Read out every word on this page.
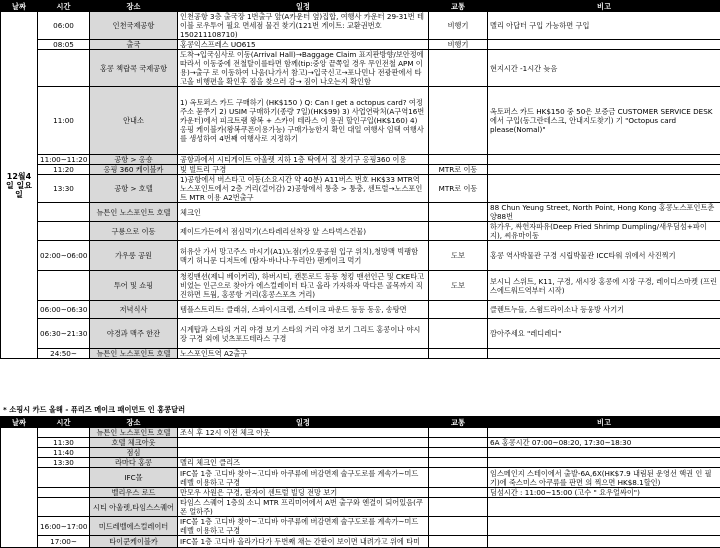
날짜	시간	장소	일정	교통	비고
12월4일 일요일	06:00	인천국제공항	인천공항 3층 출국장 1번출구 앞(A카운터 옆)집합, 여행사 카운터 29-31번 테이블 로우투어 필요 면세점 물건 찾기(121번 게이트: 교환권번호 150211108710)	비행기	멜리 아답터 구입 가능하면 구입
	08:05	출국	홍콩익스프레스 UO615	비행기	
		홍콩 첵랍콕 국제공항	도착→입국심사로 이동(Arrival Hall)→Baggage Claim 표지판방향/보안정에 따라서 이동중에 전철탈이를타면 함께(tip:중앙 끝쪽일 경우 무인전철 APM 이용)→출구 로 이동하여 나옴(나가서 참고)→입국신고→포나민나 전광판에서 타고올 비행편을 확인후 짐을 찾으러 감→ 짐이 나오는지 확인함		현지시간 -1시간 늦음
	11:00	안내소	1) 옥토퍼스 카드 구매하기 (HK$150 ) Q: Can I get a octopus card? 여정 주소 묻쭈기 2) USIM 구매하기(종량 7일)(HK$99) 3) 사업연락처(A구역16번 카운터)에서 피크트램 왕복 + 스카이 테라스 이 용권 할인구입(HK$160) 4) 옹핑 케이블카(왕복쿠폰이용가능) 구매가능한지 확인 대일 여행사 임택 여행사를 생성하여 4번째 여행사로 지정하기		옥토퍼스 카드 HK$150 중 50은 보증금 CUSTOMER SERVICE DESK에서 구입(동그란데스크, 안내지도찾기) 기 "Octopus card please(Nomal)"
	11:00~11:20	공항 > 옹숑	공항과에서 시티게이트 아울렛 지하 1층 탁에서 집 찾기구 옹핑360 이용		
	11:20	옹핑 360 케이블카	빛 빌트리 구경	MTR로 이동	
	13:30	공항 > 호텔	1)공항에서 버스타고 이동(소요시간 약 40분) A11버스 번호 HK$33 MTR역 노스포인트에서 2층 거리(걸어감) 2)공항에서 퉁충 > 퉁충, 센트럴→노스포인트 MTR 이용 A2번출구	MTR로 이동	
		뉴튼인 노스포인트 호텔	체크인		88 Chun Yeung Street, North Point, Hong Kong 홍콩노스포인트춘양88번
		구룡으로 이동	제이드가든에서 점심먹기(스타레리선착장 앞 스타벅스건물)		하가우, 싸헌자파유(Deep Fried Shrimp Dumpling/새우딤섬+파이지), 씨유마이동
	02:00~06:00	가우룽 공원	허유산 가서 망고주스 마시기(A1)노점(카오룽공원 입구 위치),청망맥 빅팽함 맥기 허니문 디저트에 (탐자·바나나·두리안) 팬케이크 먹기	도보	홍콩 역사박물관 구경 시립박물관 ICC타워 위에서 사진찍기
		투어 및 쇼핑	청킹맨션(제니 베이커리), 하버시티, 캔톤로드 등등 청킹 맨션인근 및 CKE타고 비었는 인근으로 찾아가 에스컬레이터 타고 올라 가자하자 막다른 골목까지 직진하면 트웜, 홍콩항 거리(홍콩스포츠 거리)	도보	보시니 스위트, K11, 구경, 새시장 홍콩에 시장 구경, 레이디스마켓 (프린스에드워드역부터 시작)
	06:00~06:30	저녁식사	템플스트리트: 클래쉬, 스파이시크랩, 스테이크 파운드 등등 동옹, 송탕면		클렌트누들, 스윔드라이소나 등웅방 사기기
	06:30~21:30	야경과 맥주 한잔	시계탑과 스타의 거리 야경 보기 스타의 거리 야경 보기 그리드 홍콩이나 야시장 구경 외에 넛츠포드테라스 구경		깜아주세요 "레디레디"
	24:50~	뉴튼인 노스포인트 호텔	노스포인트역 A2출구		
* 소핑시 카드 올해 - 퓨리즈 메이크 패이먼트 인 홍콩달러
날짜	시간	장소	일정	교통	비고
		뉴튼인 노스포인트 호텔	조식 후 12시 이전 체크 아웃		
	11:30	호텔 체크아웃			6A 홍콩시간 07:00~08:20, 17:30~18:30
	11:40	점심			
	13:30	라마다 홍콩	멜리 체크인 클리즈		
		IFC몰	IFC몰 1층 고디바 찾아~고디바 아쿠류에 버감면제 술구도로를 계속가~미드 레벨 이용하고 구경		임스메인지 스테이에서 출발-6A,6X(HK$7.9 내림된 운영선 핵권 인 필기)에 죽스미스 아쿠류를 판면 의 찍으면 HK$8.1할인)
		벨리우스 로드	만모우 사원은 구경, 판자이 센트럴 빌딩 전망 보기		딤섬시간 : 11:00~15:00 (고수 " 요우얼싸이")
		시티 아울렛,타임스스퀘어	타임스 스퀘어 1층의 소니 MTR 프리미어에서 A번 출구와 엔결이 되어있음(쿠폰 얼하주)		
	16:00~17:00	미드레벨에스컬레이터	IFC몰 1층 고디바 찾아~고디바 아쿠류에 버감면제 술구도로를 계속가~미드 레벨 이용하고 구경		
	17:00~	타이쿤케이블카	IFC몰 1층 고디바 올라가다가 두번째 채는 간판이 보이면 내려가고 위에 타미		
